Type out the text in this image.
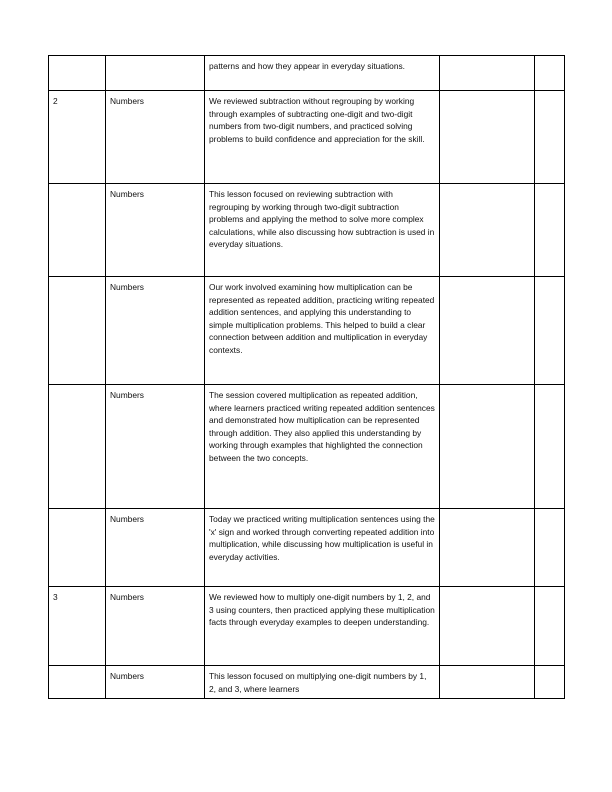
		patterns and how they appear in everyday situations.		
2	Numbers	We reviewed subtraction without regrouping by working through examples of subtracting one-digit and two-digit numbers from two-digit numbers, and practiced solving problems to build confidence and appreciation for the skill.		
	Numbers	This lesson focused on reviewing subtraction with regrouping by working through two-digit subtraction problems and applying the method to solve more complex calculations, while also discussing how subtraction is used in everyday situations.		
	Numbers	Our work involved examining how multiplication can be represented as repeated addition, practicing writing repeated addition sentences, and applying this understanding to simple multiplication problems. This helped to build a clear connection between addition and multiplication in everyday contexts.		
	Numbers	The session covered multiplication as repeated addition, where learners practiced writing repeated addition sentences and demonstrated how multiplication can be represented through addition. They also applied this understanding by working through examples that highlighted the connection between the two concepts.		
	Numbers	Today we practiced writing multiplication sentences using the 'x' sign and worked through converting repeated addition into multiplication, while discussing how multiplication is useful in everyday activities.		
3	Numbers	We reviewed how to multiply one-digit numbers by 1, 2, and 3 using counters, then practiced applying these multiplication facts through everyday examples to deepen understanding.		
	Numbers	This lesson focused on multiplying one-digit numbers by 1, 2, and 3, where learners		
